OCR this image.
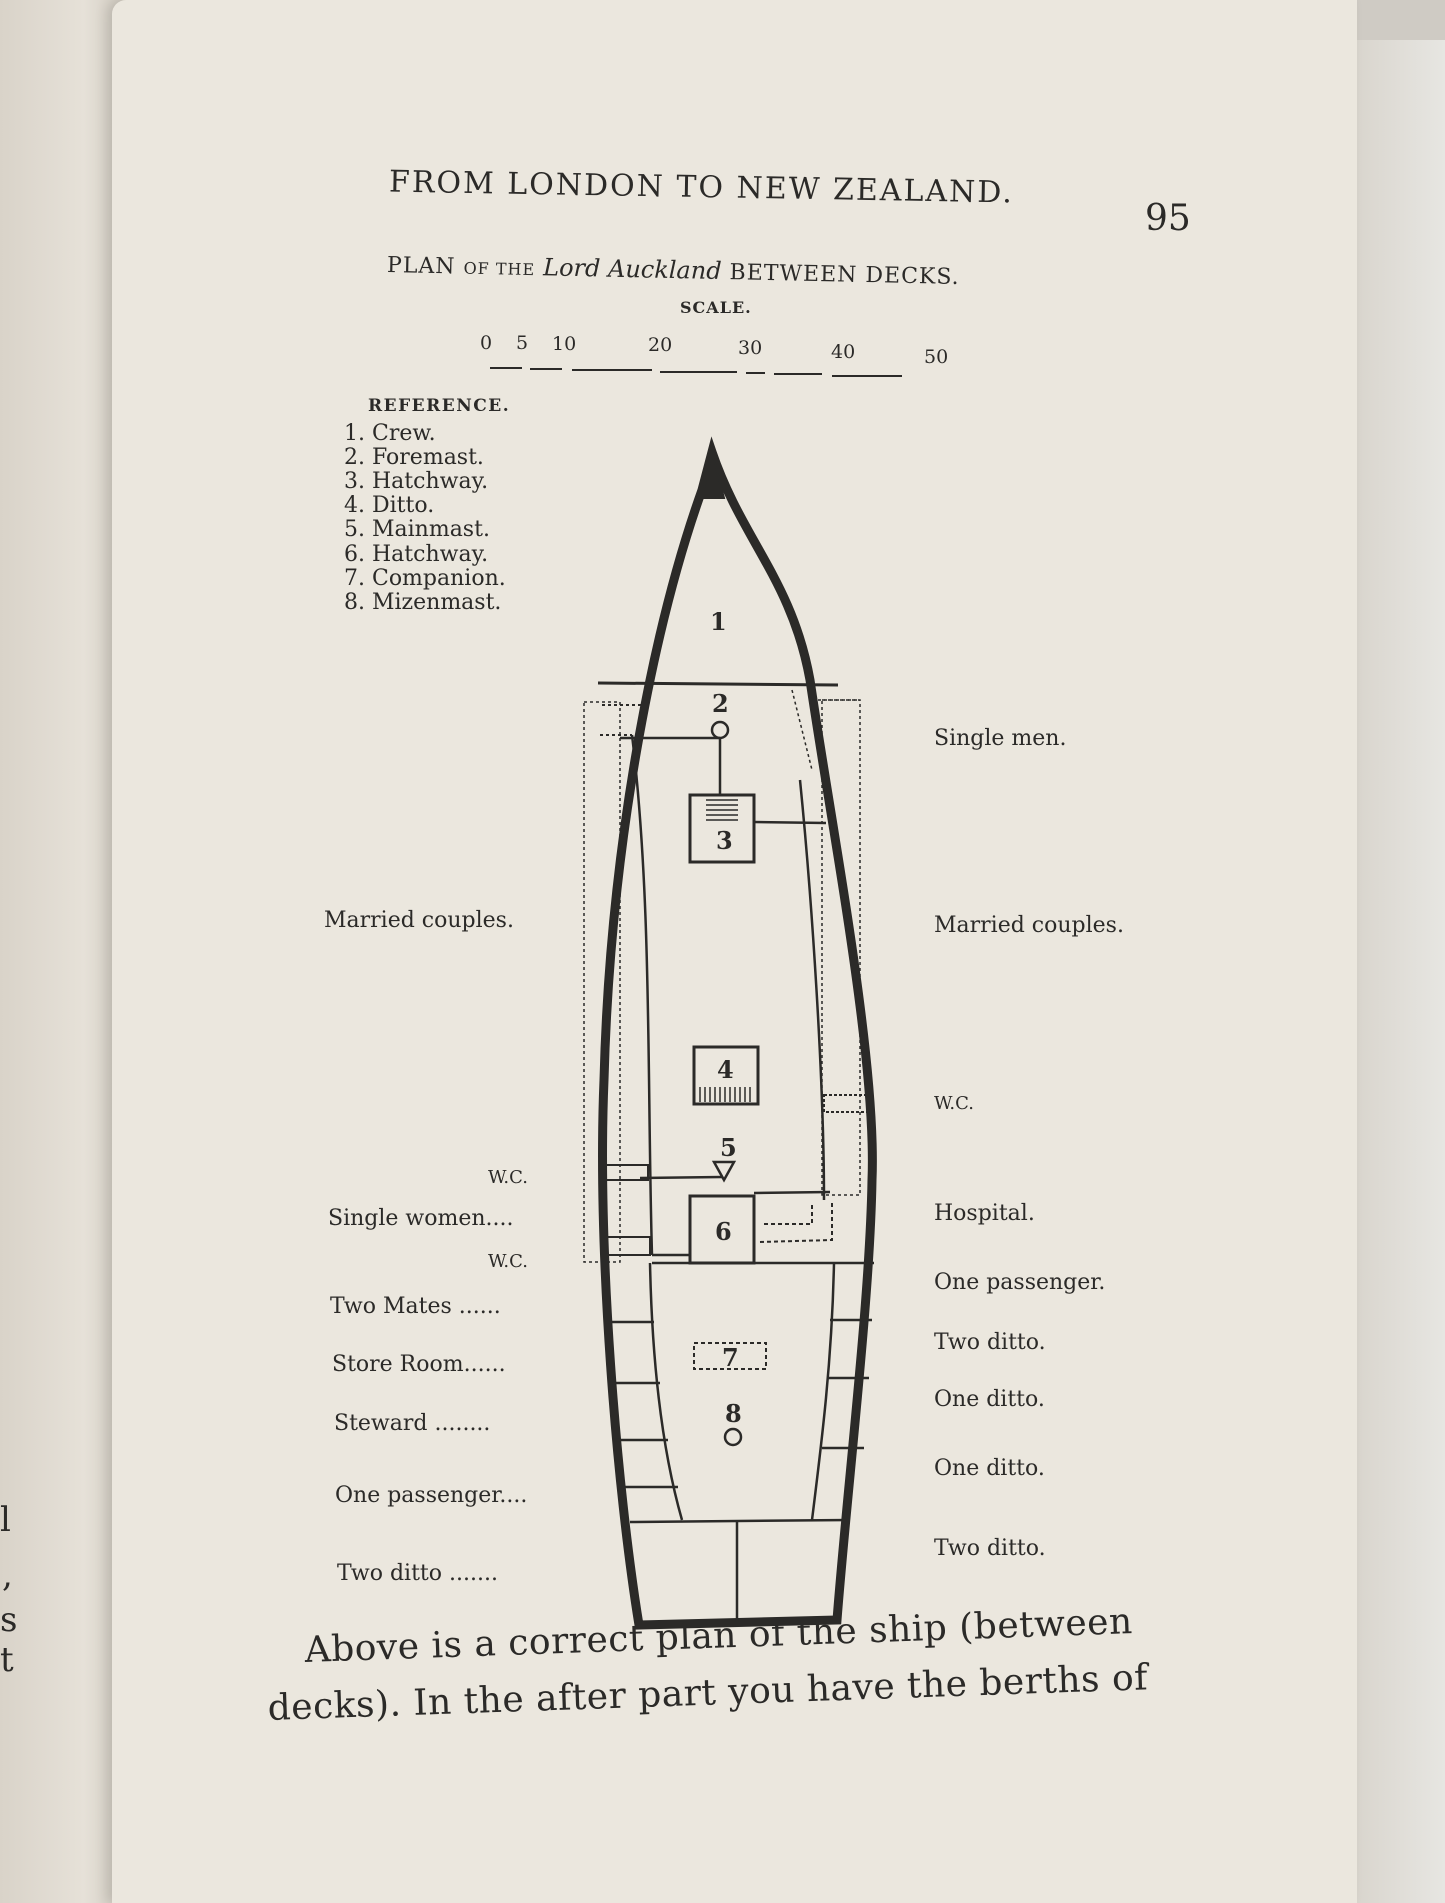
l
,
s
t
FROM LONDON TO NEW ZEALAND.
95
PLAN OF THE Lord Auckland BETWEEN DECKS.
SCALE.
0 5 10	20	30	40	50
REFERENCE.
1. Crew.
2. Foremast.
3. Hatchway.
4. Ditto.
5. Mainmast.
6. Hatchway.
7. Companion.
8. Mizenmast.
1
2
3
4
5
6
7
8
Married couples.
W.C.
Single women....
W.C.
Two Mates ......
Store Room......
Steward ........
One passenger....
Two ditto .......
Single men.
Married couples.
W.C.
Hospital.
One passenger.
Two ditto.
One ditto.
One ditto.
Two ditto.
Above is a correct plan of the ship (between
decks). In the after part you have the berths of
